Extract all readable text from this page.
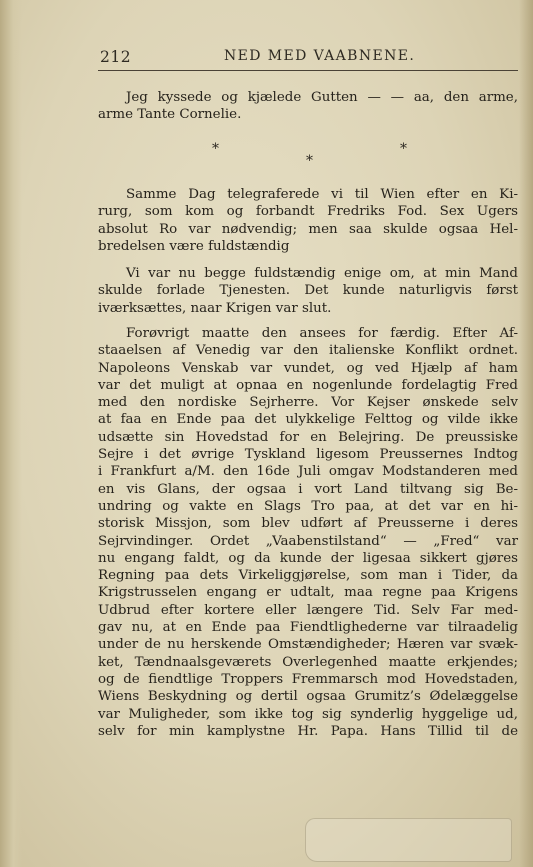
212	NED MED VAABNENE.
Jeg kyssede og kjælede Gutten — — aa, den arme,
arme Tante Cornelie.
*
*
*
Samme Dag telegraferede vi til Wien efter en Ki-
rurg, som kom og forbandt Fredriks Fod. Sex Ugers
absolut Ro var nødvendig; men saa skulde ogsaa Hel-
bredelsen være fuldstændig
Vi var nu begge fuldstændig enige om, at min Mand
skulde forlade Tjenesten. Det kunde naturligvis først
iværksættes, naar Krigen var slut.
Forøvrigt maatte den ansees for færdig. Efter Af-
staaelsen af Venedig var den italienske Konflikt ordnet.
Napoleons Venskab var vundet, og ved Hjælp af ham
var det muligt at opnaa en nogenlunde fordelagtig Fred
med den nordiske Sejrherre. Vor Kejser ønskede selv
at faa en Ende paa det ulykkelige Felttog og vilde ikke
udsætte sin Hovedstad for en Belejring. De preussiske
Sejre i det øvrige Tyskland ligesom Preussernes Indtog
i Frankfurt a/M. den 16de Juli omgav Modstanderen med
en vis Glans, der ogsaa i vort Land tiltvang sig Be-
undring og vakte en Slags Tro paa, at det var en hi-
storisk Missjon, som blev udført af Preusserne i deres
Sejrvindinger. Ordet „Vaabenstilstand“ — „Fred“ var
nu engang faldt, og da kunde der ligesaa sikkert gjøres
Regning paa dets Virkeliggjørelse, som man i Tider, da
Krigstrusselen engang er udtalt, maa regne paa Krigens
Udbrud efter kortere eller længere Tid. Selv Far med-
gav nu, at en Ende paa Fiendtlighederne var tilraadelig
under de nu herskende Omstændigheder; Hæren var svæk-
ket, Tændnaalsgeværets Overlegenhed maatte erkjendes;
og de fiendtlige Troppers Fremmarsch mod Hovedstaden,
Wiens Beskydning og dertil ogsaa Grumitz’s Ødelæggelse
var Muligheder, som ikke tog sig synderlig hyggelige ud,
selv for min kamplystne Hr. Papa. Hans Tillid til de
